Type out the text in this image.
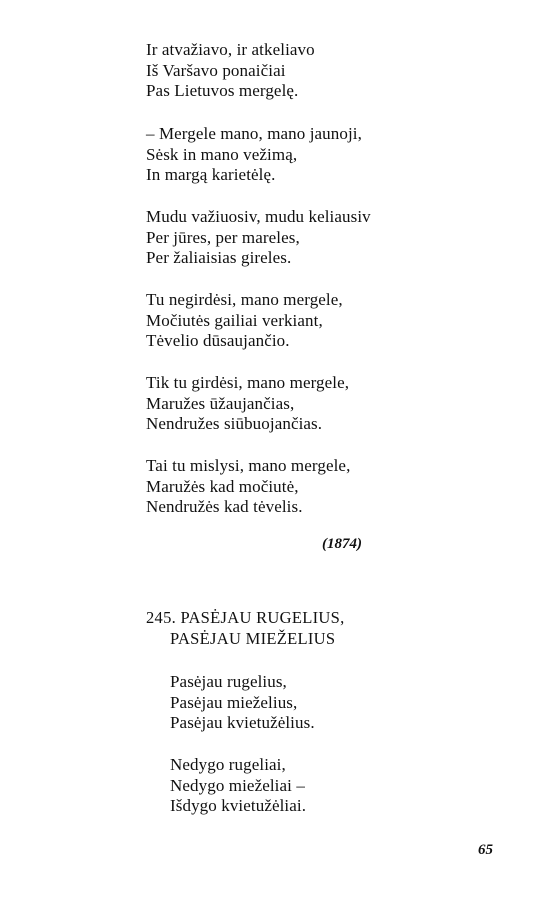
Ir atvažiavo, ir atkeliavo
Iš Varšavo ponaičiai
Pas Lietuvos mergelę.
– Mergele mano, mano jaunoji,
Sėsk in mano vežimą,
In margą karietėlę.
Mudu važiuosiv, mudu keliausiv
Per jūres, per mareles,
Per žaliaisias gireles.
Tu negirdėsi, mano mergele,
Močiutės gailiai verkiant,
Tėvelio dūsaujančio.
Tik tu girdėsi, mano mergele,
Maružes ūžaujančias,
Nendružes siūbuojančias.
Tai tu mislysi, mano mergele,
Maružės kad močiutė,
Nendružės kad tėvelis.
(1874)
245. PASĖJAU RUGELIUS,
PASĖJAU MIEŽELIUS
Pasėjau rugelius,
Pasėjau mieželius,
Pasėjau kvietužėlius.
Nedygo rugeliai,
Nedygo mieželiai –
Išdygo kvietužėliai.
65
